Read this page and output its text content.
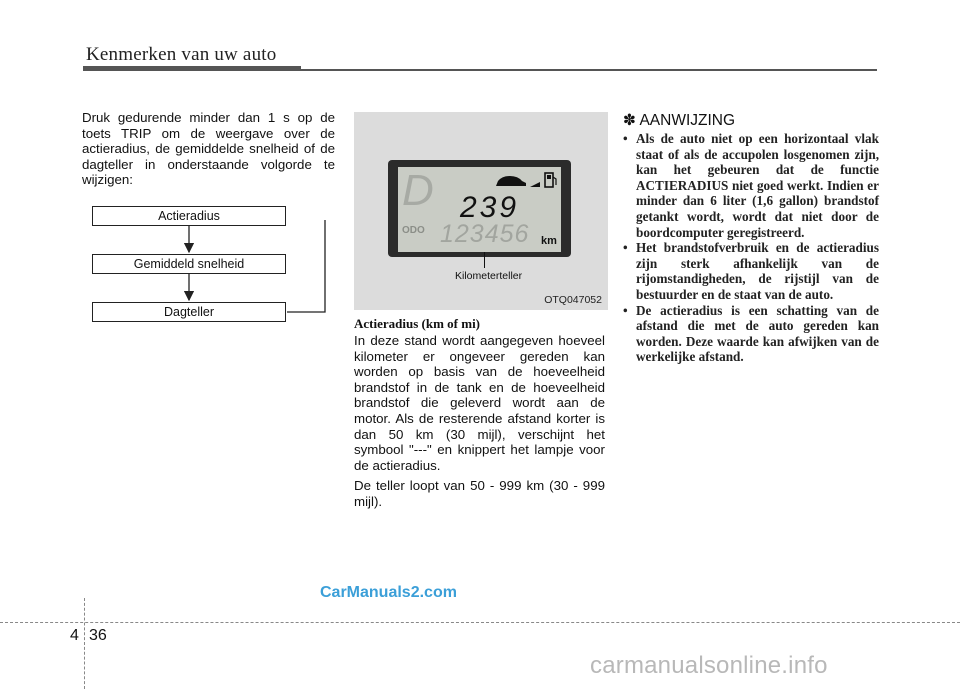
Kenmerken van uw auto
Druk gedurende minder dan 1 s op de toets TRIP om de weergave over de actieradius, de gemiddelde snelheid of de dagteller in onderstaande volgorde te wijzigen:
Actieradius
Gemiddeld snelheid
Dagteller
OTQ047052
D
ODO
239
123456 km
Kilometerteller
Actieradius (km of mi)

In deze stand wordt aangegeven hoeveel kilometer er ongeveer gereden kan worden op basis van de hoeveelheid brandstof in de tank en de hoeveelheid brandstof die geleverd wordt aan de motor. Als de resterende afstand korter is dan 50 km (30 mijl), verschijnt het symbool "---" en knippert het lampje voor de actieradius.

De teller loopt van 50 - 999 km (30 - 999 mijl).

✽ AANWIJZING
• Als de auto niet op een horizontaal vlak staat of als de accupolen losgenomen zijn, kan het gebeuren dat de functie ACTIERADIUS niet goed werkt. Indien er minder dan 6 liter (1,6 gallon) brandstof getankt wordt, wordt dat niet door de boordcomputer geregistreerd.
• Het brandstofverbruik en de actieradius zijn sterk afhankelijk van de rijomstandigheden, de rijstijl van de bestuurder en de staat van de auto.
• De actieradius is een schatting van de afstand die met de auto gereden kan worden. Deze waarde kan afwijken van de werkelijke afstand.
CarManuals2.com
carmanualsonline.info
4 36
